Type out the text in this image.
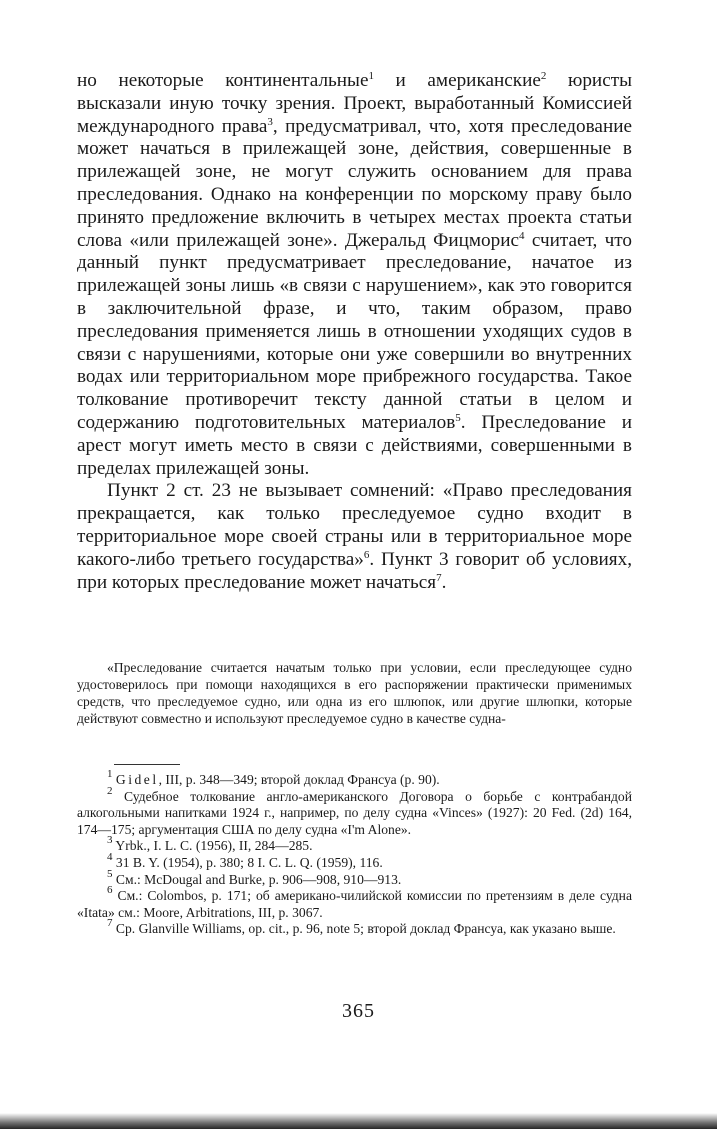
но некоторые континентальные$^1$ и американские$^2$ юристы высказали иную точку зрения. Проект, выработанный Комиссией международного права$^3$, предусматривал, что, хотя преследование может начаться в прилежащей зоне, действия, совершенные в прилежащей зоне, не могут служить основанием для права преследования. Однако на конференции по морскому праву было принято предложение включить в четырех местах проекта статьи слова «или прилежащей зоне». Джеральд Фицморис$^4$ считает, что данный пункт предусматривает преследование, начатое из прилежащей зоны лишь «в связи с нарушением», как это говорится в заключительной фразе, и что, таким образом, право преследования применяется лишь в отношении уходящих судов в связи с нарушениями, которые они уже совершили во внутренних водах или территориальном море прибрежного государства. Такое толкование противоречит тексту данной статьи в целом и содержанию подготовительных материалов$^5$. Преследование и арест могут иметь место в связи с действиями, совершенными в пределах прилежащей зоны.

Пункт 2 ст. 23 не вызывает сомнений: «Право преследования прекращается, как только преследуемое судно входит в территориальное море своей страны или в территориальное море какого-либо третьего государства»$^6$. Пункт 3 говорит об условиях, при которых преследование может начаться$^7$.

«Преследование считается начатым только при условии, если преследующее судно удостоверилось при помощи находящихся в его распоряжении практически применимых средств, что преследуемое судно, или одна из его шлюпок, или другие шлюпки, которые действуют совместно и используют преследуемое судно в качестве судна-

$^1$ Gidel, III, p. 348—349; второй доклад Франсуа (p. 90).

$^2$ Судебное толкование англо-американского Договора о борьбе с контрабандой алкогольными напитками 1924 г., например, по делу судна «Vinces» (1927): 20 Fed. (2d) 164, 174—175; аргументация США по делу судна «I'm Alone».

$^3$ Yrbk., I. L. C. (1956), II, 284—285.

$^4$ 31 B. Y. (1954), p. 380; 8 I. C. L. Q. (1959), 116.

$^5$ См.: McDougal and Burke, p. 906—908, 910—913.

$^6$ См.: Colombos, p. 171; об американо-чилийской комиссии по претензиям в деле судна «Itata» см.: Moore, Arbitrations, III, p. 3067.

$^7$ Ср. Glanville Williams, op. cit., p. 96, note 5; второй доклад Франсуа, как указано выше.

365
